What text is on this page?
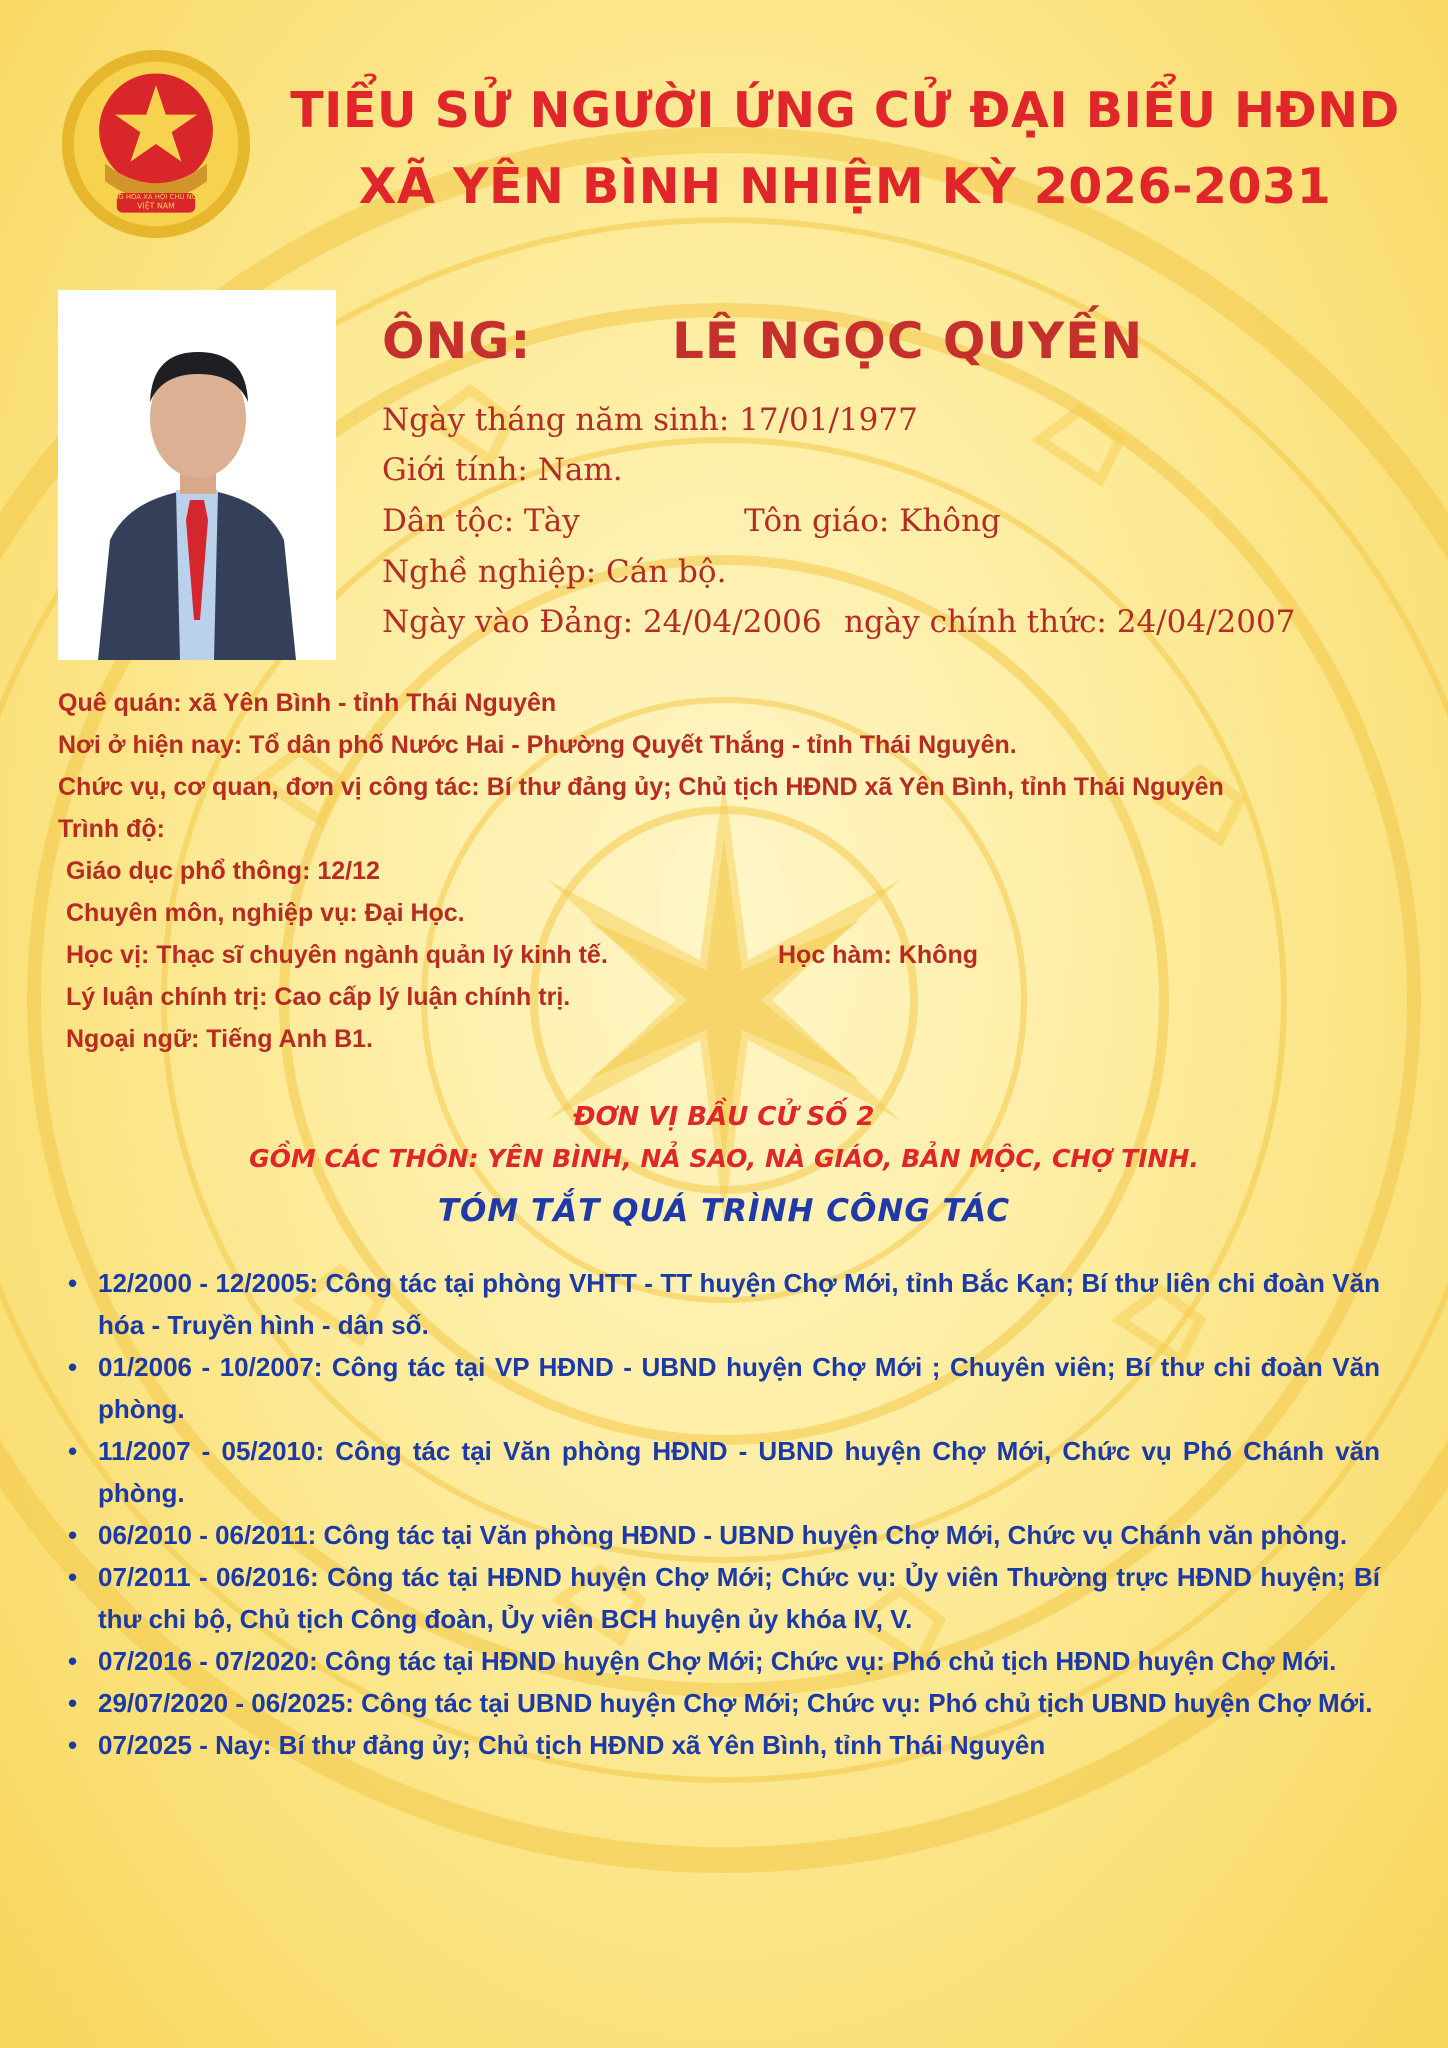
CỘNG HÒA XÃ HỘI CHỦ NGHĨA
VIỆT NAM
TIỂU SỬ NGƯỜI ỨNG CỬ ĐẠI BIỂU HĐND
XÃ YÊN BÌNH NHIỆM KỲ 2026-2031
ÔNG:	LÊ NGỌC QUYẾN
Ngày tháng năm sinh: 17/01/1977
Giới tính: Nam.
Dân tộc: Tày	Tôn giáo: Không
Nghề nghiệp: Cán bộ.
Ngày vào Đảng: 24/04/2006 ngày chính thức: 24/04/2007
Quê quán: xã Yên Bình - tỉnh Thái Nguyên
Nơi ở hiện nay: Tổ dân phố Nước Hai - Phường Quyết Thắng - tỉnh Thái Nguyên.
Chức vụ, cơ quan, đơn vị công tác: Bí thư đảng ủy; Chủ tịch HĐND xã Yên Bình, tỉnh Thái Nguyên
Trình độ:
Giáo dục phổ thông: 12/12
Chuyên môn, nghiệp vụ: Đại Học.
Học vị: Thạc sĩ chuyên ngành quản lý kinh tế.	Học hàm: Không
Lý luận chính trị: Cao cấp lý luận chính trị.
Ngoại ngữ: Tiếng Anh B1.
ĐƠN VỊ BẦU CỬ SỐ 2
GỒM CÁC THÔN: YÊN BÌNH, NẢ SAO, NÀ GIÁO, BẢN MỘC, CHỢ TINH.
TÓM TẮT QUÁ TRÌNH CÔNG TÁC
• 12/2000 - 12/2005: Công tác tại phòng VHTT - TT huyện Chợ Mới, tỉnh Bắc Kạn; Bí thư liên chi đoàn Văn hóa - Truyền hình - dân số.
• 01/2006 - 10/2007: Công tác tại VP HĐND - UBND huyện Chợ Mới ; Chuyên viên; Bí thư chi đoàn Văn phòng.
• 11/2007 - 05/2010: Công tác tại Văn phòng HĐND - UBND huyện Chợ Mới, Chức vụ Phó Chánh văn phòng.
• 06/2010 - 06/2011: Công tác tại Văn phòng HĐND - UBND huyện Chợ Mới, Chức vụ Chánh văn phòng.
• 07/2011 - 06/2016: Công tác tại HĐND huyện Chợ Mới; Chức vụ: Ủy viên Thường trực HĐND huyện; Bí thư chi bộ, Chủ tịch Công đoàn, Ủy viên BCH huyện ủy khóa IV, V.
• 07/2016 - 07/2020: Công tác tại HĐND huyện Chợ Mới; Chức vụ: Phó chủ tịch HĐND huyện Chợ Mới.
• 29/07/2020 - 06/2025: Công tác tại UBND huyện Chợ Mới; Chức vụ: Phó chủ tịch UBND huyện Chợ Mới.
• 07/2025 - Nay: Bí thư đảng ủy; Chủ tịch HĐND xã Yên Bình, tỉnh Thái Nguyên
